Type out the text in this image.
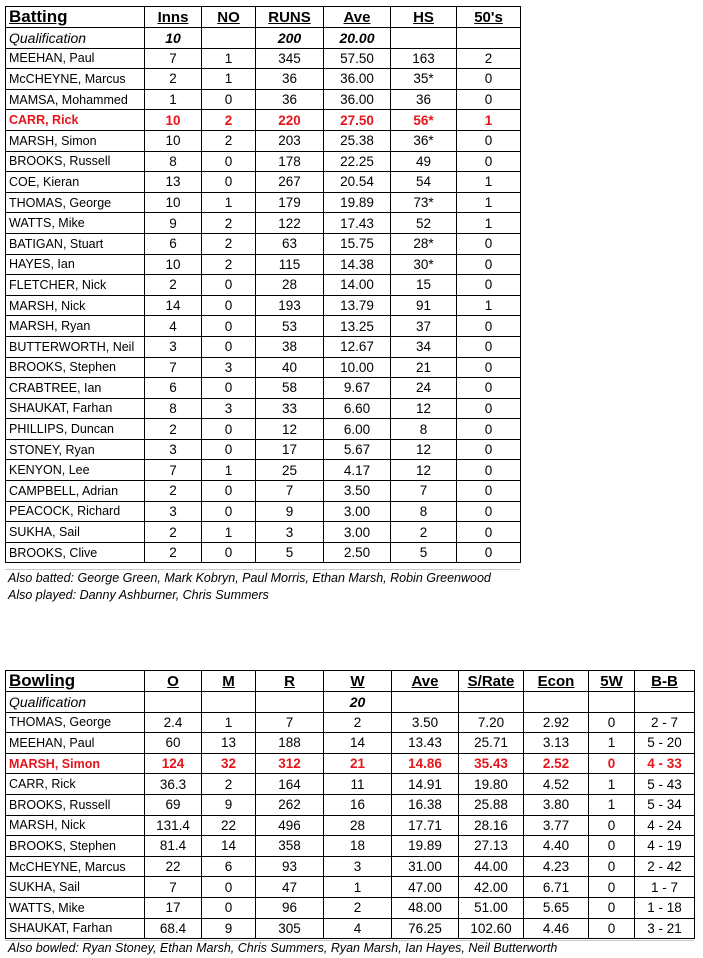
Batting	Inns	NO	RUNS	Ave	HS	50's
Qualification	10		200	20.00		
MEEHAN, Paul	7	1	345	57.50	163	2
McCHEYNE, Marcus	2	1	36	36.00	35*	0
MAMSA, Mohammed	1	0	36	36.00	36	0
CARR, Rick	10	2	220	27.50	56*	1
MARSH, Simon	10	2	203	25.38	36*	0
BROOKS, Russell	8	0	178	22.25	49	0
COE, Kieran	13	0	267	20.54	54	1
THOMAS, George	10	1	179	19.89	73*	1
WATTS, Mike	9	2	122	17.43	52	1
BATIGAN, Stuart	6	2	63	15.75	28*	0
HAYES, Ian	10	2	115	14.38	30*	0
FLETCHER, Nick	2	0	28	14.00	15	0
MARSH, Nick	14	0	193	13.79	91	1
MARSH, Ryan	4	0	53	13.25	37	0
BUTTERWORTH, Neil	3	0	38	12.67	34	0
BROOKS, Stephen	7	3	40	10.00	21	0
CRABTREE, Ian	6	0	58	9.67	24	0
SHAUKAT, Farhan	8	3	33	6.60	12	0
PHILLIPS, Duncan	2	0	12	6.00	8	0
STONEY, Ryan	3	0	17	5.67	12	0
KENYON, Lee	7	1	25	4.17	12	0
CAMPBELL, Adrian	2	0	7	3.50	7	0
PEACOCK, Richard	3	0	9	3.00	8	0
SUKHA, Sail	2	1	3	3.00	2	0
BROOKS, Clive	2	0	5	2.50	5	0
Also batted: George Green, Mark Kobryn, Paul Morris, Ethan Marsh, Robin Greenwood
Also played: Danny Ashburner, Chris Summers
Bowling	O	M	R	W	Ave	S/Rate	Econ	5W	B-B
Qualification				20					
THOMAS, George	2.4	1	7	2	3.50	7.20	2.92	0	2 - 7
MEEHAN, Paul	60	13	188	14	13.43	25.71	3.13	1	5 - 20
MARSH, Simon	124	32	312	21	14.86	35.43	2.52	0	4 - 33
CARR, Rick	36.3	2	164	11	14.91	19.80	4.52	1	5 - 43
BROOKS, Russell	69	9	262	16	16.38	25.88	3.80	1	5 - 34
MARSH, Nick	131.4	22	496	28	17.71	28.16	3.77	0	4 - 24
BROOKS, Stephen	81.4	14	358	18	19.89	27.13	4.40	0	4 - 19
McCHEYNE, Marcus	22	6	93	3	31.00	44.00	4.23	0	2 - 42
SUKHA, Sail	7	0	47	1	47.00	42.00	6.71	0	1 - 7
WATTS, Mike	17	0	96	2	48.00	51.00	5.65	0	1 - 18
SHAUKAT, Farhan	68.4	9	305	4	76.25	102.60	4.46	0	3 - 21
Also bowled: Ryan Stoney, Ethan Marsh, Chris Summers, Ryan Marsh, Ian Hayes, Neil Butterworth
